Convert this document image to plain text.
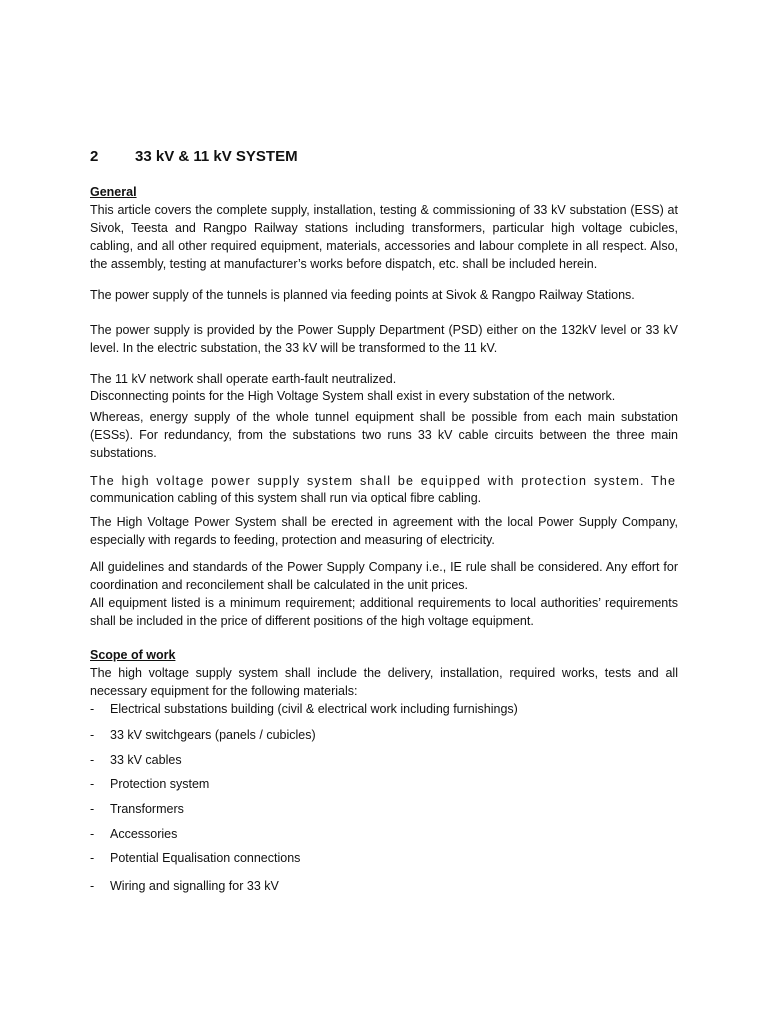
2 33 kV & 11 kV SYSTEM
General
This article covers the complete supply, installation, testing & commissioning of 33 kV substation (ESS) at Sivok, Teesta and Rangpo Railway stations including transformers, particular high voltage cubicles, cabling, and all other required equipment, materials, accessories and labour complete in all respect. Also, the assembly, testing at manufacturer’s works before dispatch, etc. shall be included herein.
The power supply of the tunnels is planned via feeding points at Sivok & Rangpo Railway Stations.
The power supply is provided by the Power Supply Department (PSD) either on the 132kV level or 33 kV level. In the electric substation, the 33 kV will be transformed to the 11 kV.
The 11 kV network shall operate earth-fault neutralized.
Disconnecting points for the High Voltage System shall exist in every substation of the network.
Whereas, energy supply of the whole tunnel equipment shall be possible from each main substation (ESSs). For redundancy, from the substations two runs 33 kV cable circuits between the three main substations.
The high voltage power supply system shall be equipped with protection system. The
communication cabling of this system shall run via optical fibre cabling.
The High Voltage Power System shall be erected in agreement with the local Power Supply Company, especially with regards to feeding, protection and measuring of electricity.
All guidelines and standards of the Power Supply Company i.e., IE rule shall be considered. Any effort for coordination and reconcilement shall be calculated in the unit prices.
All equipment listed is a minimum requirement; additional requirements to local authorities’ requirements shall be included in the price of different positions of the high voltage equipment.
Scope of work
The high voltage supply system shall include the delivery, installation, required works, tests and all necessary equipment for the following materials:
- Electrical substations building (civil & electrical work including furnishings)
- 33 kV switchgears (panels / cubicles)
- 33 kV cables
- Protection system
- Transformers
- Accessories
- Potential Equalisation connections
- Wiring and signalling for 33 kV
